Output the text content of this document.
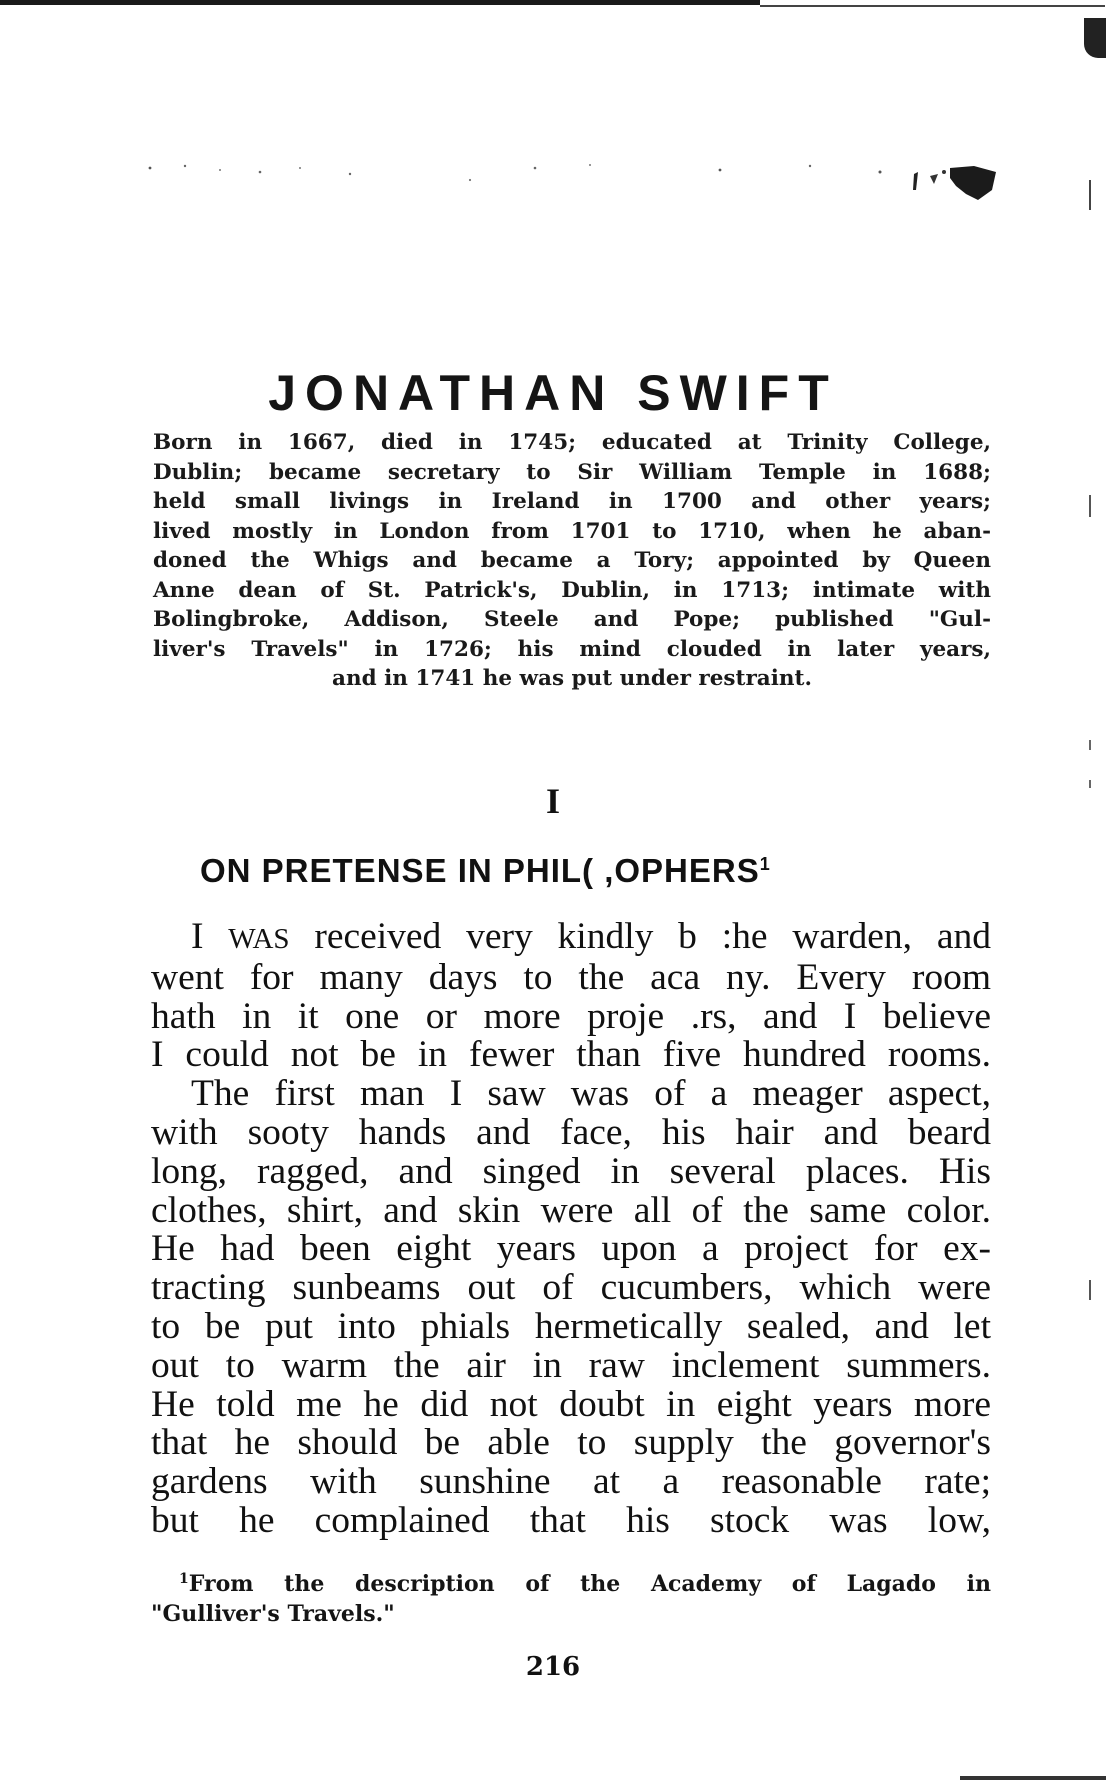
JONATHAN SWIFT
Born in 1667, died in 1745; educated at Trinity College,
Dublin; became secretary to Sir William Temple in 1688;
held small livings in Ireland in 1700 and other years;
lived mostly in London from 1701 to 1710, when he aban-
doned the Whigs and became a Tory; appointed by Queen
Anne dean of St. Patrick's, Dublin, in 1713; intimate with
Bolingbroke, Addison, Steele and Pope; published "Gul-
liver's Travels" in 1726; his mind clouded in later years,
and in 1741 he was put under restraint.
I
ON PRETENSE IN PHIL( ,OPHERS$^1$
I WAS received very kindly b :he warden, and
went for many days to the aca ny. Every room
hath in it one or more proje .rs, and I believe
I could not be in fewer than five hundred rooms.
The first man I saw was of a meager aspect,
with sooty hands and face, his hair and beard
long, ragged, and singed in several places. His
clothes, shirt, and skin were all of the same color.
He had been eight years upon a project for ex-
tracting sunbeams out of cucumbers, which were
to be put into phials hermetically sealed, and let
out to warm the air in raw inclement summers.
He told me he did not doubt in eight years more
that he should be able to supply the governor's
gardens with sunshine at a reasonable rate;
but he complained that his stock was low,
$^1$From the description of the Academy of Lagado in
"Gulliver's Travels."
216
